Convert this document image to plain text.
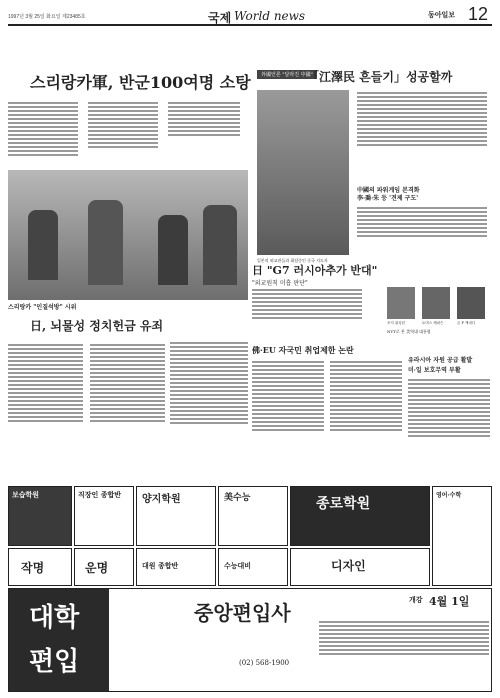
1997년 3월 25일 화요일 제23485호	국제 World news	동아일보 12
스리랑카軍, 반군100여명 소탕
스리랑카 "인질석방" 시위
外國언론 "달라진 中國"
「江澤民 흔들기」성공할까
일본의 외교관들과 회담중인 중국 지도자
中國의 파워게임 본격화
李·喬·朱 등 '견제 구도'
日 "G7 러시아추가 반대"
"외교원칙 미흡 판단"
조지 워싱턴	토머스 제퍼슨	존 F 케네디
NYT로 본 美역대 대통령
日, 뇌물성 정치헌금 유죄
佛·EU 자국민 취업제한 논란
유라시아 자원 공급 활발
미·일 보호무역 부활
보습학원	직장인 종합반 양지학원	美수능	종로학원
영어·수학
작명	운명	대원 종합반	수능대비	디자인
대학
편입
중앙편입사
(02) 568-1900
개강 4월 1일
